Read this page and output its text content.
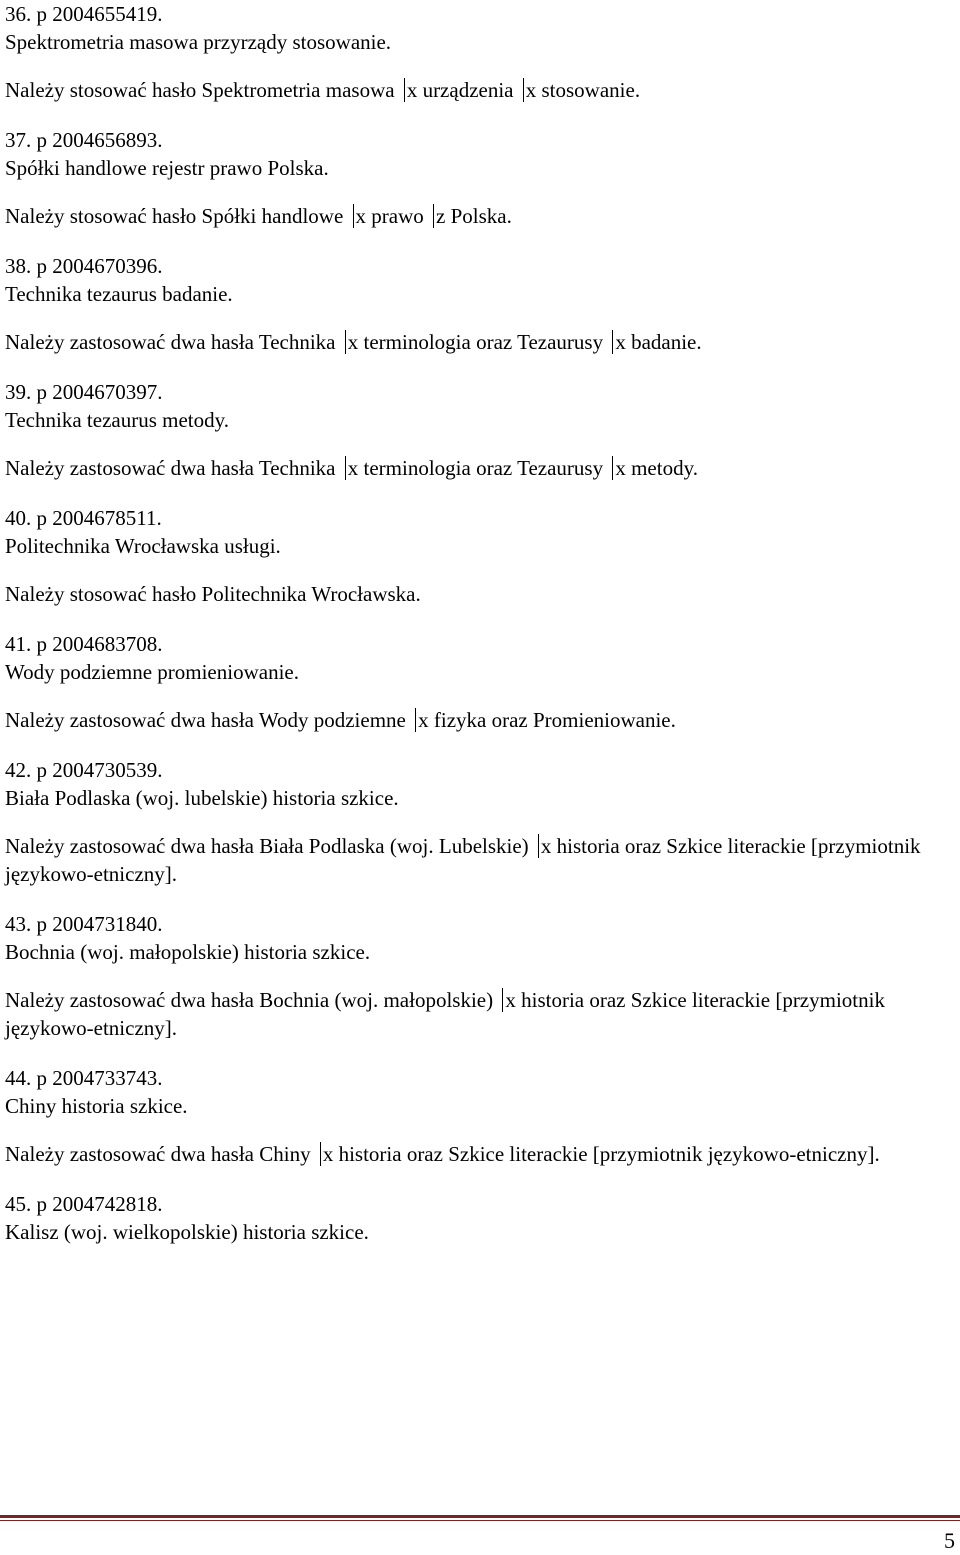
36. p 2004655419.

Spektrometria masowa przyrządy stosowanie.

Należy stosować hasło Spektrometria masowa x urządzenia x stosowanie.

37. p 2004656893.

Spółki handlowe rejestr prawo Polska.

Należy stosować hasło Spółki handlowe x prawo z Polska.

38. p 2004670396.

Technika tezaurus badanie.

Należy zastosować dwa hasła Technika x terminologia oraz Tezaurusy x badanie.

39. p 2004670397.

Technika tezaurus metody.

Należy zastosować dwa hasła Technika x terminologia oraz Tezaurusy x metody.

40. p 2004678511.

Politechnika Wrocławska usługi.

Należy stosować hasło Politechnika Wrocławska.

41. p 2004683708.

Wody podziemne promieniowanie.

Należy zastosować dwa hasła Wody podziemne x fizyka oraz Promieniowanie.

42. p 2004730539.

Biała Podlaska (woj. lubelskie) historia szkice.

Należy zastosować dwa hasła Biała Podlaska (woj. Lubelskie) x historia oraz Szkice literackie [przymiotnik językowo-etniczny].

43. p 2004731840.

Bochnia (woj. małopolskie) historia szkice.

Należy zastosować dwa hasła Bochnia (woj. małopolskie) x historia oraz Szkice literackie [przymiotnik językowo-etniczny].

44. p 2004733743.

Chiny historia szkice.

Należy zastosować dwa hasła Chiny x historia oraz Szkice literackie [przymiotnik językowo-etniczny].

45. p 2004742818.

Kalisz (woj. wielkopolskie) historia szkice.

5
